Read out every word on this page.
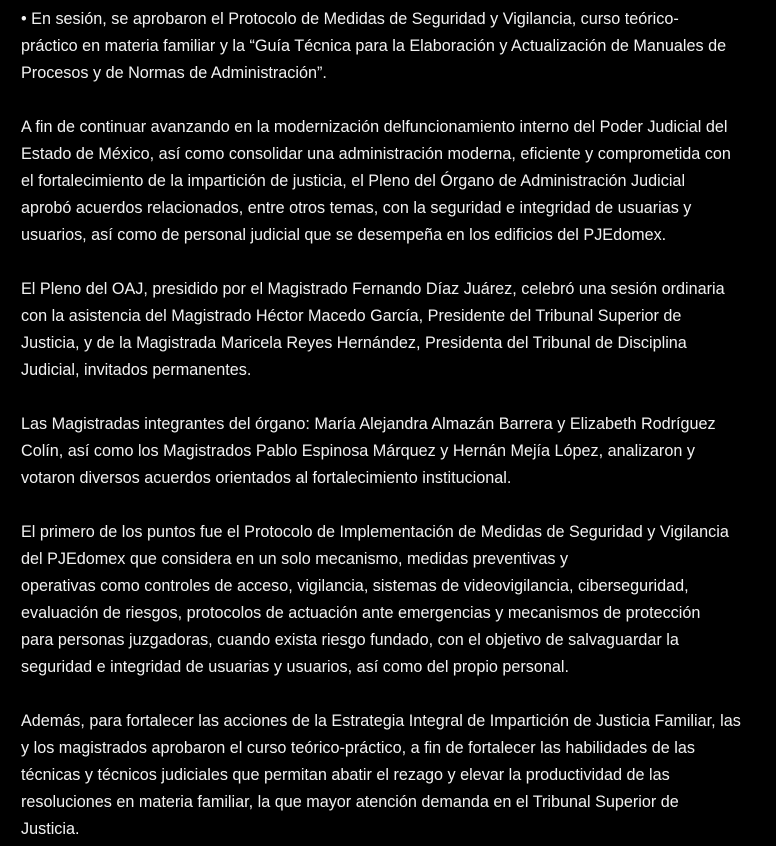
• En sesión, se aprobaron el Protocolo de Medidas de Seguridad y Vigilancia, curso teórico-
práctico en materia familiar y la “Guía Técnica para la Elaboración y Actualización de Manuales de
Procesos y de Normas de Administración”.

A fin de continuar avanzando en la modernización delfuncionamiento interno del Poder Judicial del
Estado de México, así como consolidar una administración moderna, eficiente y comprometida con
el fortalecimiento de la impartición de justicia, el Pleno del Órgano de Administración Judicial
aprobó acuerdos relacionados, entre otros temas, con la seguridad e integridad de usuarias y
usuarios, así como de personal judicial que se desempeña en los edificios del PJEdomex.

El Pleno del OAJ, presidido por el Magistrado Fernando Díaz Juárez, celebró una sesión ordinaria
con la asistencia del Magistrado Héctor Macedo García, Presidente del Tribunal Superior de
Justicia, y de la Magistrada Maricela Reyes Hernández, Presidenta del Tribunal de Disciplina
Judicial, invitados permanentes.

Las Magistradas integrantes del órgano: María Alejandra Almazán Barrera y Elizabeth Rodríguez
Colín, así como los Magistrados Pablo Espinosa Márquez y Hernán Mejía López, analizaron y
votaron diversos acuerdos orientados al fortalecimiento institucional.

El primero de los puntos fue el Protocolo de Implementación de Medidas de Seguridad y Vigilancia
del PJEdomex que considera en un solo mecanismo, medidas preventivas y
operativas como controles de acceso, vigilancia, sistemas de videovigilancia, ciberseguridad,
evaluación de riesgos, protocolos de actuación ante emergencias y mecanismos de protección
para personas juzgadoras, cuando exista riesgo fundado, con el objetivo de salvaguardar la
seguridad e integridad de usuarias y usuarios, así como del propio personal.

Además, para fortalecer las acciones de la Estrategia Integral de Impartición de Justicia Familiar, las
y los magistrados aprobaron el curso teórico-práctico, a fin de fortalecer las habilidades de las
técnicas y técnicos judiciales que permitan abatir el rezago y elevar la productividad de las
resoluciones en materia familiar, la que mayor atención demanda en el Tribunal Superior de
Justicia.
